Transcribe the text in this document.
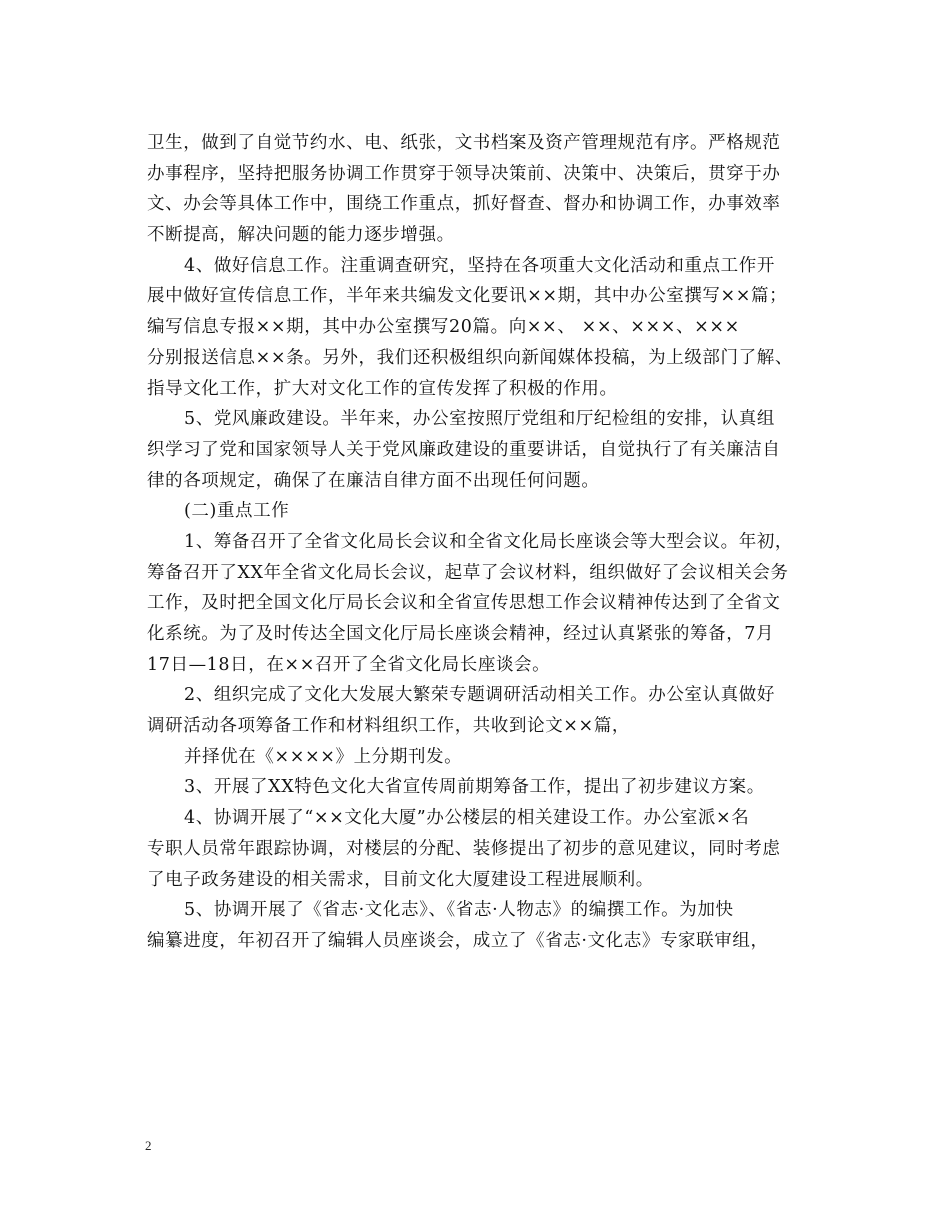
卫生，做到了自觉节约水、电、纸张，文书档案及资产管理规范有序。严格规范
办事程序，坚持把服务协调工作贯穿于领导决策前、决策中、决策后，贯穿于办
文、办会等具体工作中，围绕工作重点，抓好督查、督办和协调工作，办事效率
不断提高，解决问题的能力逐步增强。
4、做好信息工作。注重调查研究，坚持在各项重大文化活动和重点工作开
展中做好宣传信息工作，半年来共编发文化要讯××期，其中办公室撰写××篇；
编写信息专报××期，其中办公室撰写20篇。向××、 ××、×××、×××
分别报送信息××条。另外，我们还积极组织向新闻媒体投稿，为上级部门了解、
指导文化工作，扩大对文化工作的宣传发挥了积极的作用。
5、党风廉政建设。半年来，办公室按照厅党组和厅纪检组的安排，认真组
织学习了党和国家领导人关于党风廉政建设的重要讲话，自觉执行了有关廉洁自
律的各项规定，确保了在廉洁自律方面不出现任何问题。
(二)重点工作
1、筹备召开了全省文化局长会议和全省文化局长座谈会等大型会议。年初，
筹备召开了XX年全省文化局长会议，起草了会议材料，组织做好了会议相关会务
工作，及时把全国文化厅局长会议和全省宣传思想工作会议精神传达到了全省文
化系统。为了及时传达全国文化厅局长座谈会精神，经过认真紧张的筹备，7月
17日—18日，在××召开了全省文化局长座谈会。
2、组织完成了文化大发展大繁荣专题调研活动相关工作。办公室认真做好
调研活动各项筹备工作和材料组织工作，共收到论文××篇，
并择优在《××××》上分期刊发。
3、开展了XX特色文化大省宣传周前期筹备工作，提出了初步建议方案。
4、协调开展了“××文化大厦”办公楼层的相关建设工作。办公室派×名
专职人员常年跟踪协调，对楼层的分配、装修提出了初步的意见建议，同时考虑
了电子政务建设的相关需求，目前文化大厦建设工程进展顺利。
5、协调开展了《省志·文化志》、《省志·人物志》的编撰工作。为加快
编纂进度，年初召开了编辑人员座谈会，成立了《省志·文化志》专家联审组，
2
